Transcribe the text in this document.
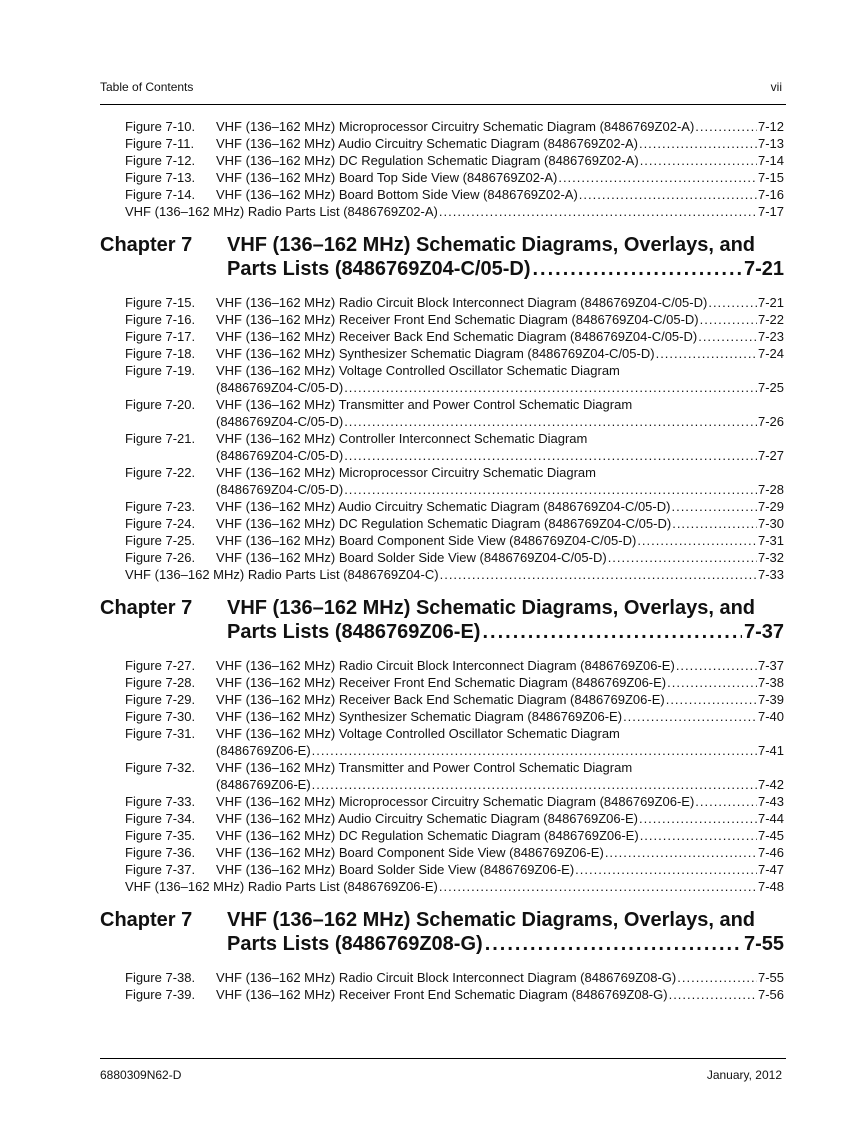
Table of Contents	vii
Figure 7-10. VHF (136–162 MHz) Microprocessor Circuitry Schematic Diagram (8486769Z02-A) .....	7-12
Figure 7-11. VHF (136–162 MHz) Audio Circuitry Schematic Diagram (8486769Z02-A) .....	7-13
Figure 7-12. VHF (136–162 MHz) DC Regulation Schematic Diagram (8486769Z02-A) .....	7-14
Figure 7-13. VHF (136–162 MHz) Board Top Side View (8486769Z02-A) .....	7-15
Figure 7-14. VHF (136–162 MHz) Board Bottom Side View (8486769Z02-A) .....	7-16
VHF (136–162 MHz) Radio Parts List (8486769Z02-A) .....	7-17
Chapter 7 VHF (136–162 MHz) Schematic Diagrams, Overlays, and
Parts Lists (8486769Z04-C/05-D) .....	7-21
Figure 7-15. VHF (136–162 MHz) Radio Circuit Block Interconnect Diagram (8486769Z04-C/05-D) .....	7-21
Figure 7-16. VHF (136–162 MHz) Receiver Front End Schematic Diagram (8486769Z04-C/05-D) .....	7-22
Figure 7-17. VHF (136–162 MHz) Receiver Back End Schematic Diagram (8486769Z04-C/05-D) .....	7-23
Figure 7-18. VHF (136–162 MHz) Synthesizer Schematic Diagram (8486769Z04-C/05-D) .....	7-24
Figure 7-19. VHF (136–162 MHz) Voltage Controlled Oscillator Schematic Diagram
(8486769Z04-C/05-D) .....	7-25
Figure 7-20. VHF (136–162 MHz) Transmitter and Power Control Schematic Diagram
(8486769Z04-C/05-D) .....	7-26
Figure 7-21. VHF (136–162 MHz) Controller Interconnect Schematic Diagram
(8486769Z04-C/05-D) .....	7-27
Figure 7-22. VHF (136–162 MHz) Microprocessor Circuitry Schematic Diagram
(8486769Z04-C/05-D) .....	7-28
Figure 7-23. VHF (136–162 MHz) Audio Circuitry Schematic Diagram (8486769Z04-C/05-D) .....	7-29
Figure 7-24. VHF (136–162 MHz) DC Regulation Schematic Diagram (8486769Z04-C/05-D) .....	7-30
Figure 7-25. VHF (136–162 MHz) Board Component Side View (8486769Z04-C/05-D) .....	7-31
Figure 7-26. VHF (136–162 MHz) Board Solder Side View (8486769Z04-C/05-D) .....	7-32
VHF (136–162 MHz) Radio Parts List (8486769Z04-C) .....	7-33
Chapter 7 VHF (136–162 MHz) Schematic Diagrams, Overlays, and
Parts Lists (8486769Z06-E) .....	7-37
Figure 7-27. VHF (136–162 MHz) Radio Circuit Block Interconnect Diagram (8486769Z06-E) .....	7-37
Figure 7-28. VHF (136–162 MHz) Receiver Front End Schematic Diagram (8486769Z06-E) .....	7-38
Figure 7-29. VHF (136–162 MHz) Receiver Back End Schematic Diagram (8486769Z06-E) .....	7-39
Figure 7-30. VHF (136–162 MHz) Synthesizer Schematic Diagram (8486769Z06-E) .....	7-40
Figure 7-31. VHF (136–162 MHz) Voltage Controlled Oscillator Schematic Diagram
(8486769Z06-E) .....	7-41
Figure 7-32. VHF (136–162 MHz) Transmitter and Power Control Schematic Diagram
(8486769Z06-E) .....	7-42
Figure 7-33. VHF (136–162 MHz) Microprocessor Circuitry Schematic Diagram (8486769Z06-E) .....	7-43
Figure 7-34. VHF (136–162 MHz) Audio Circuitry Schematic Diagram (8486769Z06-E) .....	7-44
Figure 7-35. VHF (136–162 MHz) DC Regulation Schematic Diagram (8486769Z06-E) .....	7-45
Figure 7-36. VHF (136–162 MHz) Board Component Side View (8486769Z06-E) .....	7-46
Figure 7-37. VHF (136–162 MHz) Board Solder Side View (8486769Z06-E) .....	7-47
VHF (136–162 MHz) Radio Parts List (8486769Z06-E) .....	7-48
Chapter 7 VHF (136–162 MHz) Schematic Diagrams, Overlays, and
Parts Lists (8486769Z08-G) .....	7-55
Figure 7-38. VHF (136–162 MHz) Radio Circuit Block Interconnect Diagram (8486769Z08-G) .....	7-55
Figure 7-39. VHF (136–162 MHz) Receiver Front End Schematic Diagram (8486769Z08-G) .....	7-56
6880309N62-D	January, 2012
